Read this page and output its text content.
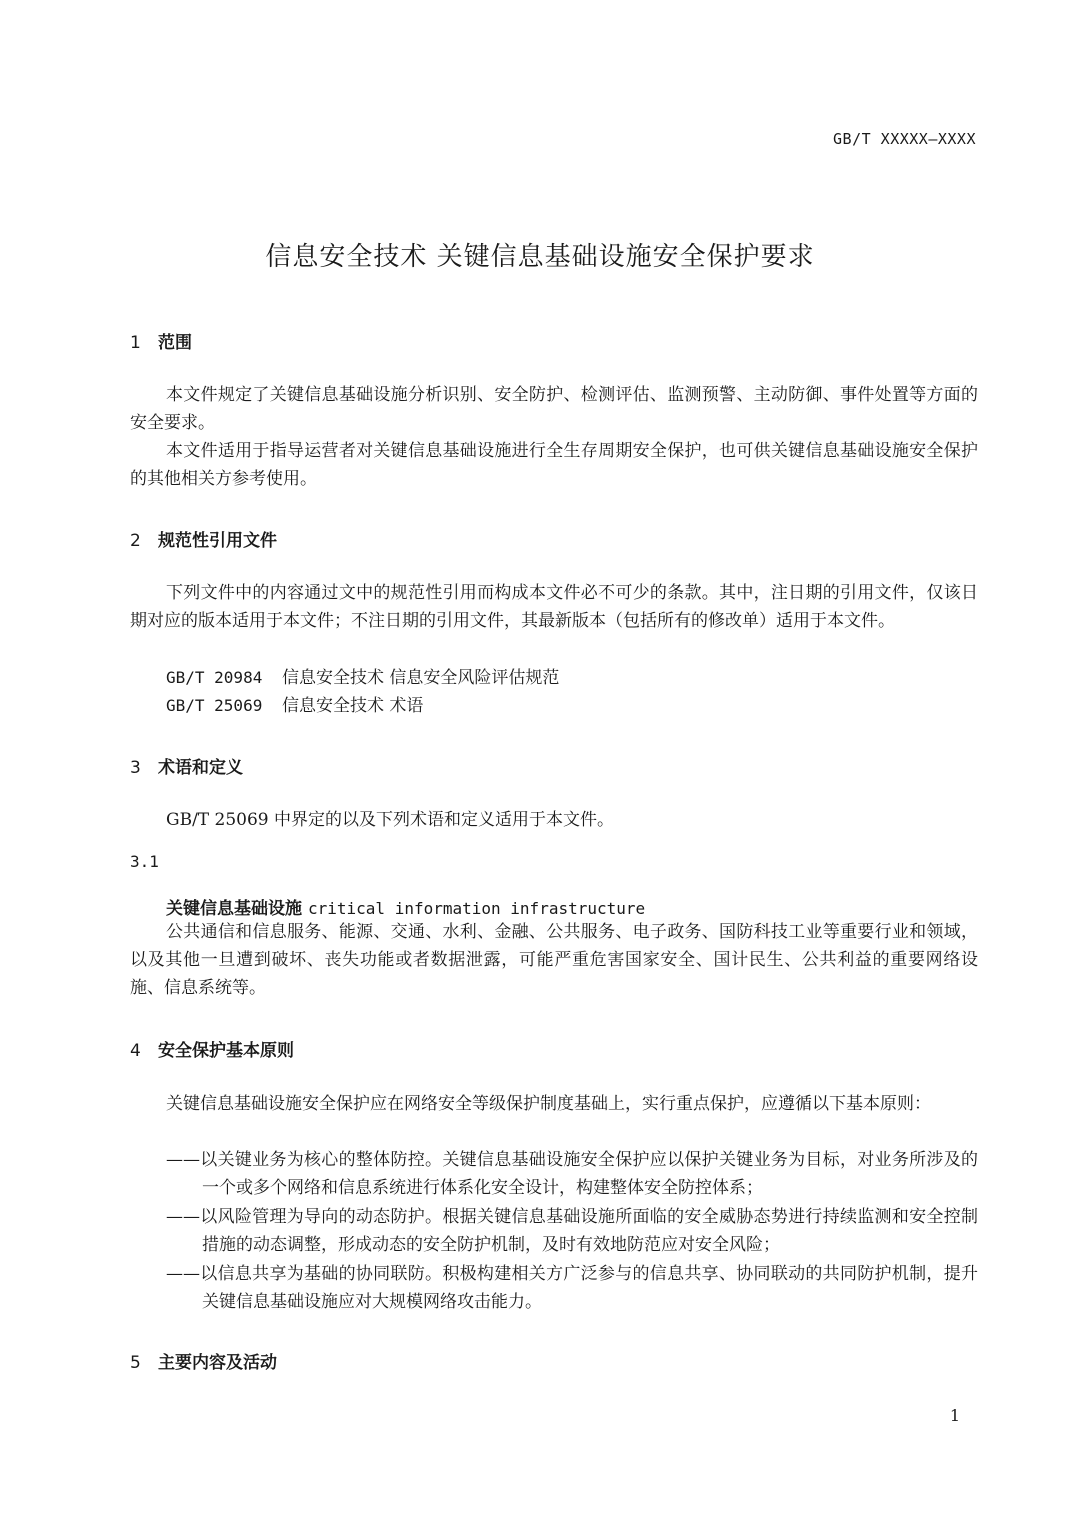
GB/T XXXXX—XXXX
信息安全技术 关键信息基础设施安全保护要求
1 范围
本文件规定了关键信息基础设施分析识别、安全防护、检测评估、监测预警、主动防御、事件处置等方面的安全要求。
本文件适用于指导运营者对关键信息基础设施进行全生存周期安全保护，也可供关键信息基础设施安全保护的其他相关方参考使用。
2 规范性引用文件
下列文件中的内容通过文中的规范性引用而构成本文件必不可少的条款。其中，注日期的引用文件，仅该日期对应的版本适用于本文件；不注日期的引用文件，其最新版本（包括所有的修改单）适用于本文件。
GB/T 20984 信息安全技术 信息安全风险评估规范
GB/T 25069 信息安全技术 术语
3 术语和定义
GB/T 25069 中界定的以及下列术语和定义适用于本文件。
3.1
关键信息基础设施 critical information infrastructure
公共通信和信息服务、能源、交通、水利、金融、公共服务、电子政务、国防科技工业等重要行业和领域，以及其他一旦遭到破坏、丧失功能或者数据泄露，可能严重危害国家安全、国计民生、公共利益的重要网络设施、信息系统等。
4 安全保护基本原则
关键信息基础设施安全保护应在网络安全等级保护制度基础上，实行重点保护，应遵循以下基本原则：
——以关键业务为核心的整体防控。关键信息基础设施安全保护应以保护关键业务为目标，对业务所涉及的一个或多个网络和信息系统进行体系化安全设计，构建整体安全防控体系；
——以风险管理为导向的动态防护。根据关键信息基础设施所面临的安全威胁态势进行持续监测和安全控制措施的动态调整，形成动态的安全防护机制，及时有效地防范应对安全风险；
——以信息共享为基础的协同联防。积极构建相关方广泛参与的信息共享、协同联动的共同防护机制，提升关键信息基础设施应对大规模网络攻击能力。
5 主要内容及活动
1
